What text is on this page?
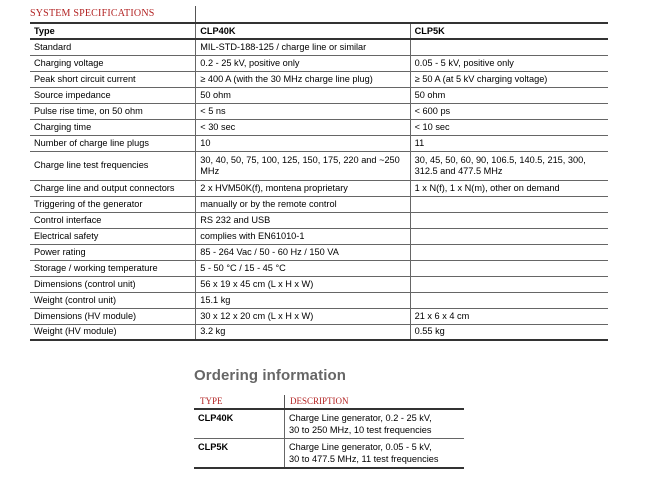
SYSTEM SPECIFICATIONS
Type	CLP40K	CLP5K
Standard	MIL-STD-188-125 / charge line or similar	
Charging voltage	0.2 - 25 kV, positive only	0.05 - 5 kV, positive only
Peak short circuit current	≥ 400 A (with the 30 MHz charge line plug)	≥ 50 A (at 5 kV charging voltage)
Source impedance	50 ohm	50 ohm
Pulse rise time, on 50 ohm	< 5 ns	< 600 ps
Charging time	< 30 sec	< 10 sec
Number of charge line plugs	10	11
Charge line test frequencies	30, 40, 50, 75, 100, 125, 150, 175, 220 and ~250 MHz	30, 45, 50, 60, 90, 106.5, 140.5, 215, 300, 312.5 and 477.5 MHz
Charge line and output connectors	2 x HVM50K(f), montena proprietary	1 x N(f), 1 x N(m), other on demand
Triggering of the generator	manually or by the remote control	
Control interface	RS 232 and USB	
Electrical safety	complies with EN61010-1	
Power rating	85 - 264 Vac / 50 - 60 Hz / 150 VA	
Storage / working temperature	5 - 50 °C / 15 - 45 °C	
Dimensions (control unit)	56 x 19 x 45 cm (L x H x W)	
Weight (control unit)	15.1 kg	
Dimensions (HV module)	30 x 12 x 20 cm (L x H x W)	21 x 6 x 4 cm
Weight (HV module)	3.2 kg	0.55 kg
Ordering information
TYPE	DESCRIPTION
CLP40K	Charge Line generator, 0.2 - 25 kV,
30 to 250 MHz, 10 test frequencies

CLP5K	Charge Line generator, 0.05 - 5 kV,
30 to 477.5 MHz, 11 test frequencies
